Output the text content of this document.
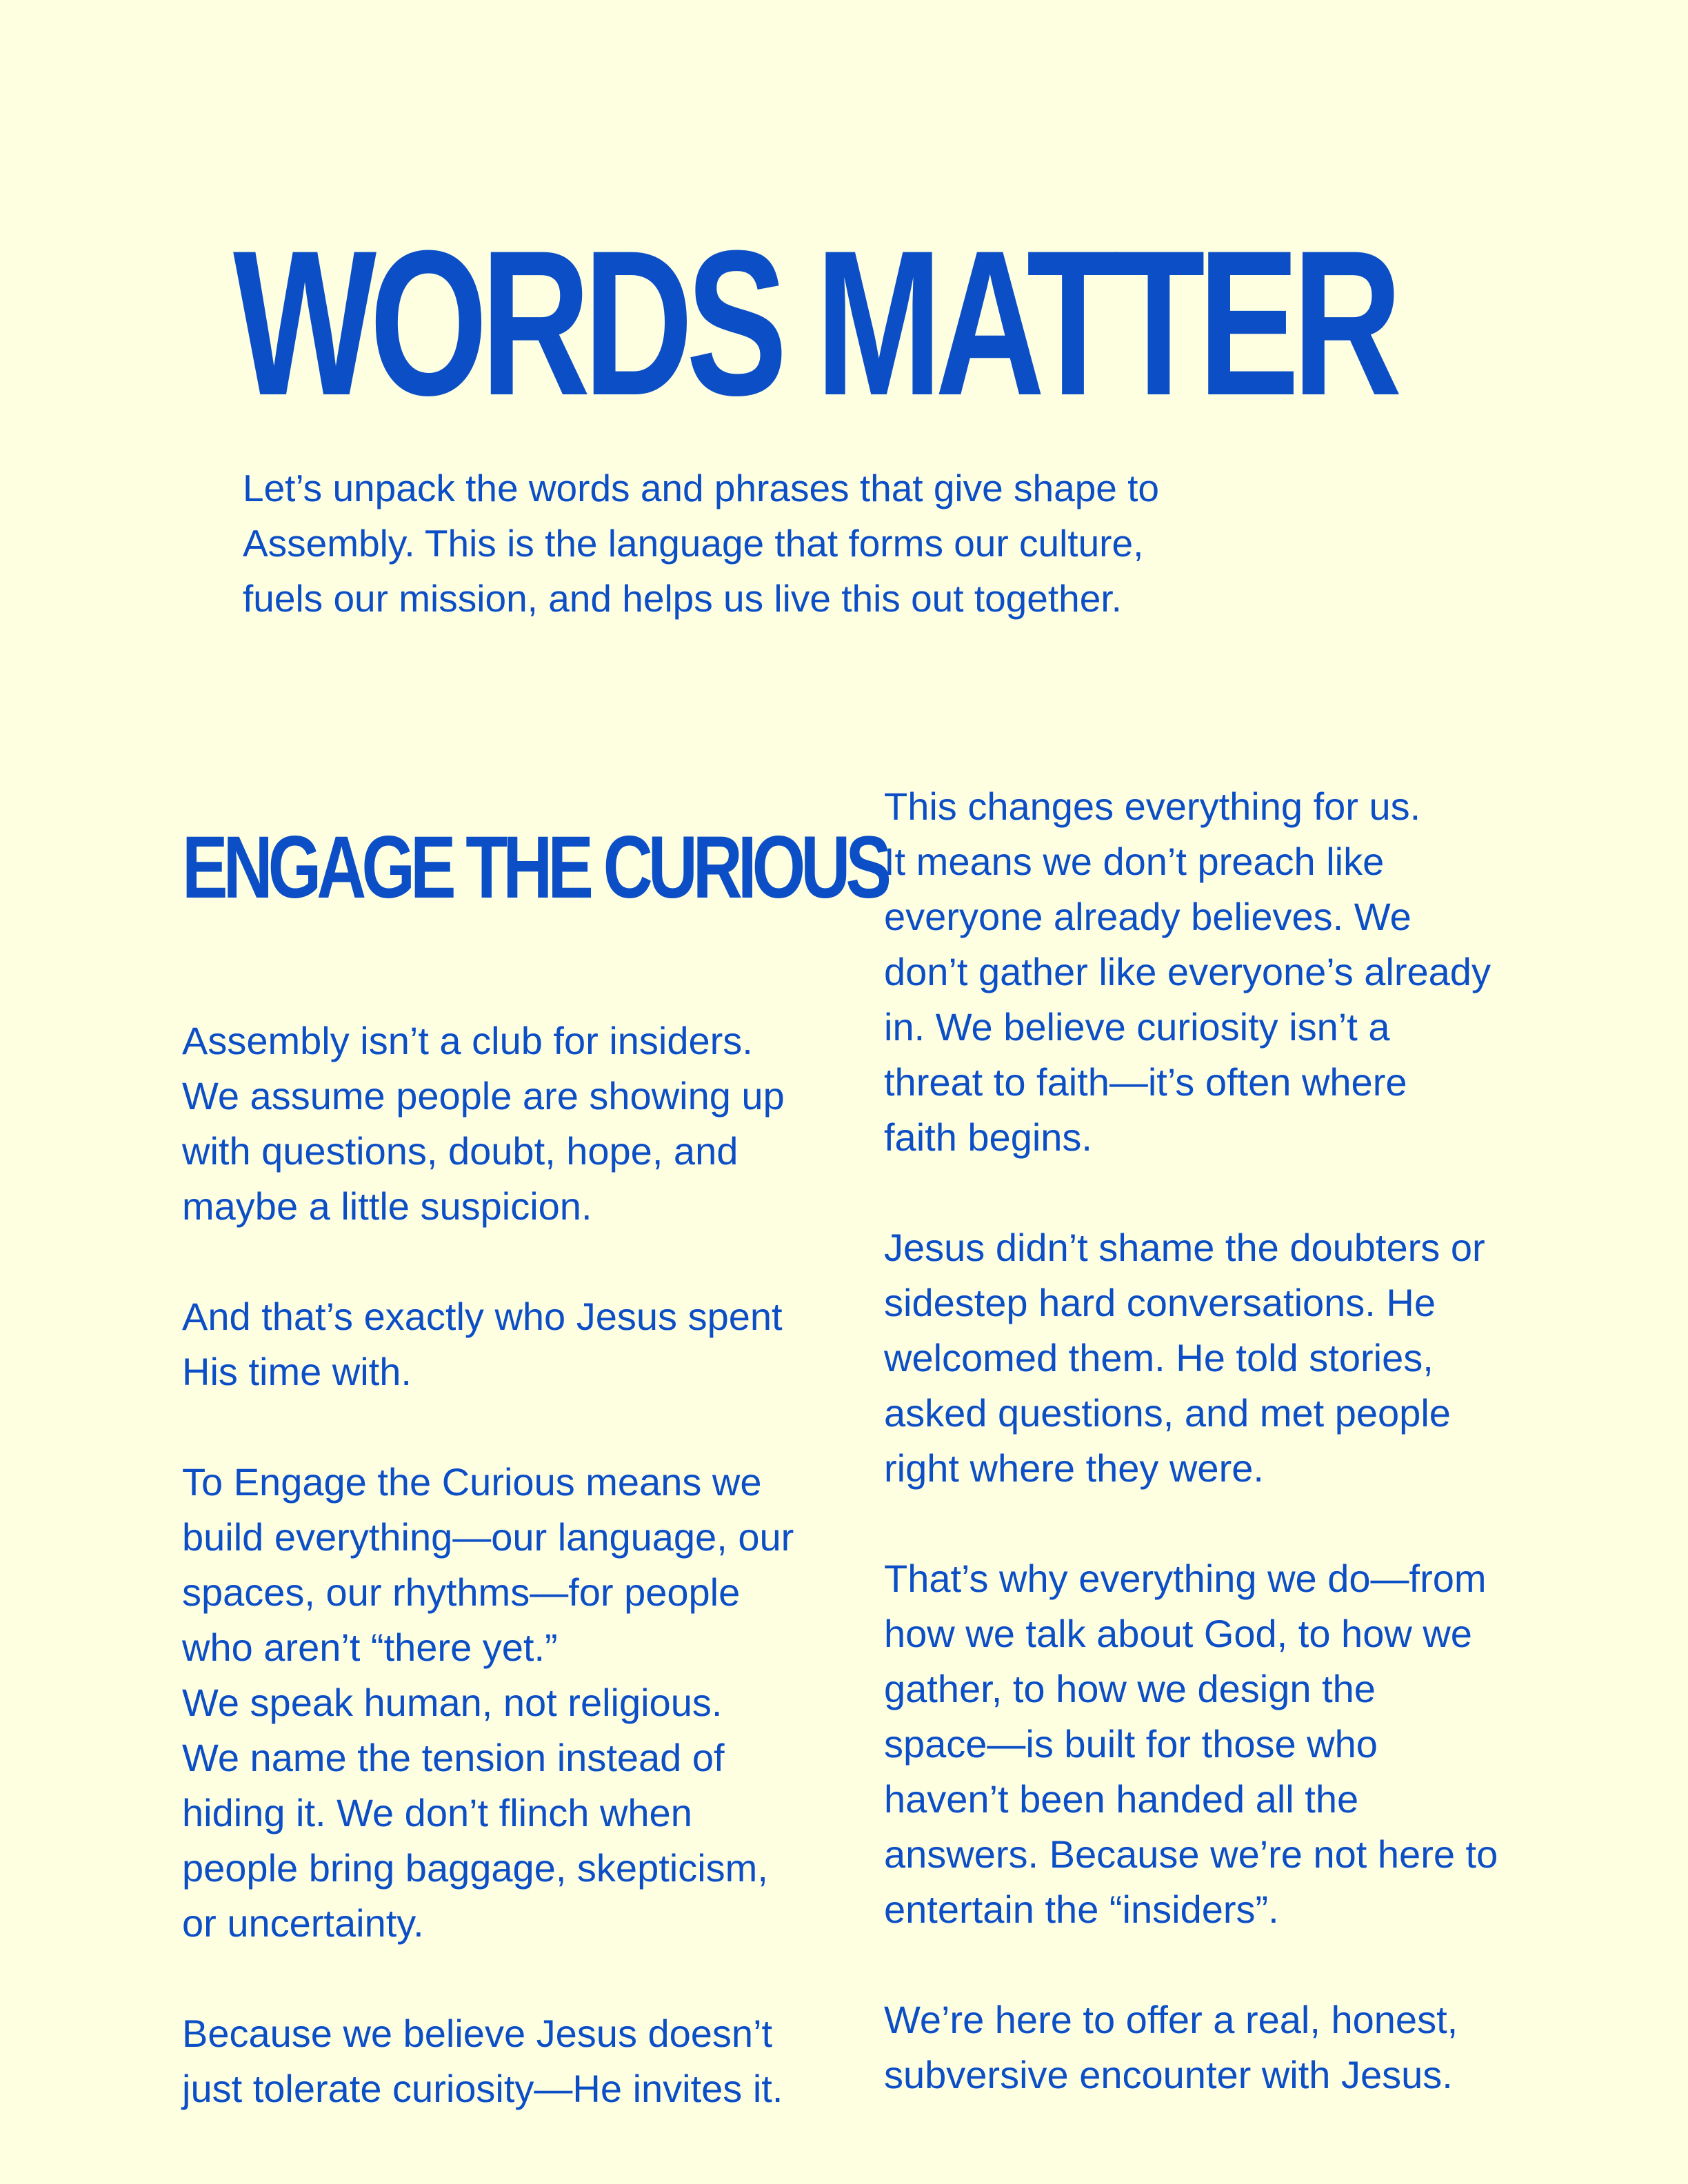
WORDS MATTER
Let’s unpack the words and phrases that give shape to
Assembly. This is the language that forms our culture,
fuels our mission, and helps us live this out together.
ENGAGE THE CURIOUS
Assembly isn’t a club for insiders.
We assume people are showing up
with questions, doubt, hope, and
maybe a little suspicion.
And that’s exactly who Jesus spent
His time with.
To Engage the Curious means we
build everything—our language, our
spaces, our rhythms—for people
who aren’t “there yet.”
We speak human, not religious.
We name the tension instead of
hiding it. We don’t flinch when
people bring baggage, skepticism,
or uncertainty.
Because we believe Jesus doesn’t
just tolerate curiosity—He invites it.
This changes everything for us.
It means we don’t preach like
everyone already believes. We
don’t gather like everyone’s already
in. We believe curiosity isn’t a
threat to faith—it’s often where
faith begins.
Jesus didn’t shame the doubters or
sidestep hard conversations. He
welcomed them. He told stories,
asked questions, and met people
right where they were.
That’s why everything we do—from
how we talk about God, to how we
gather, to how we design the
space—is built for those who
haven’t been handed all the
answers. Because we’re not here to
entertain the “insiders”.
We’re here to offer a real, honest,
subversive encounter with Jesus.
